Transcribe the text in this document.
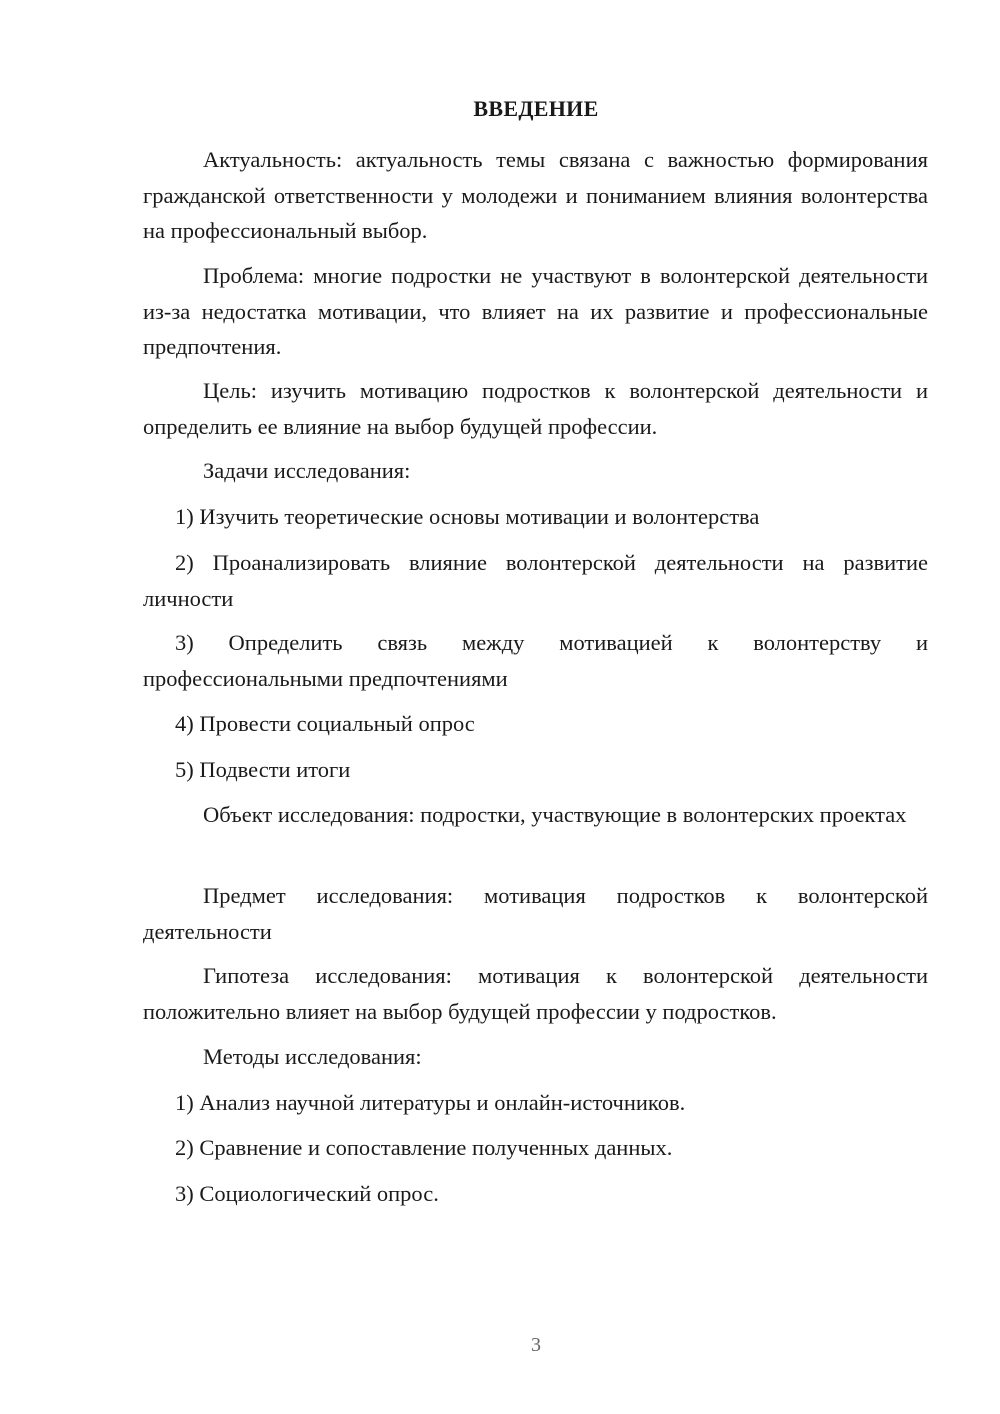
ВВЕДЕНИЕ

Актуальность: актуальность темы связана с важностью формирования гражданской ответственности у молодежи и пониманием влияния волонтерства на профессиональный выбор.

Проблема: многие подростки не участвуют в волонтерской деятельности из-за недостатка мотивации, что влияет на их развитие и профессиональные предпочтения.

Цель: изучить мотивацию подростков к волонтерской деятельности и определить ее влияние на выбор будущей профессии.

Задачи исследования:

1) Изучить теоретические основы мотивации и волонтерства

2) Проанализировать влияние волонтерской деятельности на развитие личности

3) Определить связь между мотивацией к волонтерству и профессиональными предпочтениями

4) Провести социальный опрос

5) Подвести итоги

Объект исследования: подростки, участвующие в волонтерских проектах

Предмет исследования: мотивация подростков к волонтерской деятельности

Гипотеза исследования: мотивация к волонтерской деятельности положительно влияет на выбор будущей профессии у подростков.

Методы исследования:

1) Анализ научной литературы и онлайн-источников.

2) Сравнение и сопоставление полученных данных.

3) Социологический опрос.

3
